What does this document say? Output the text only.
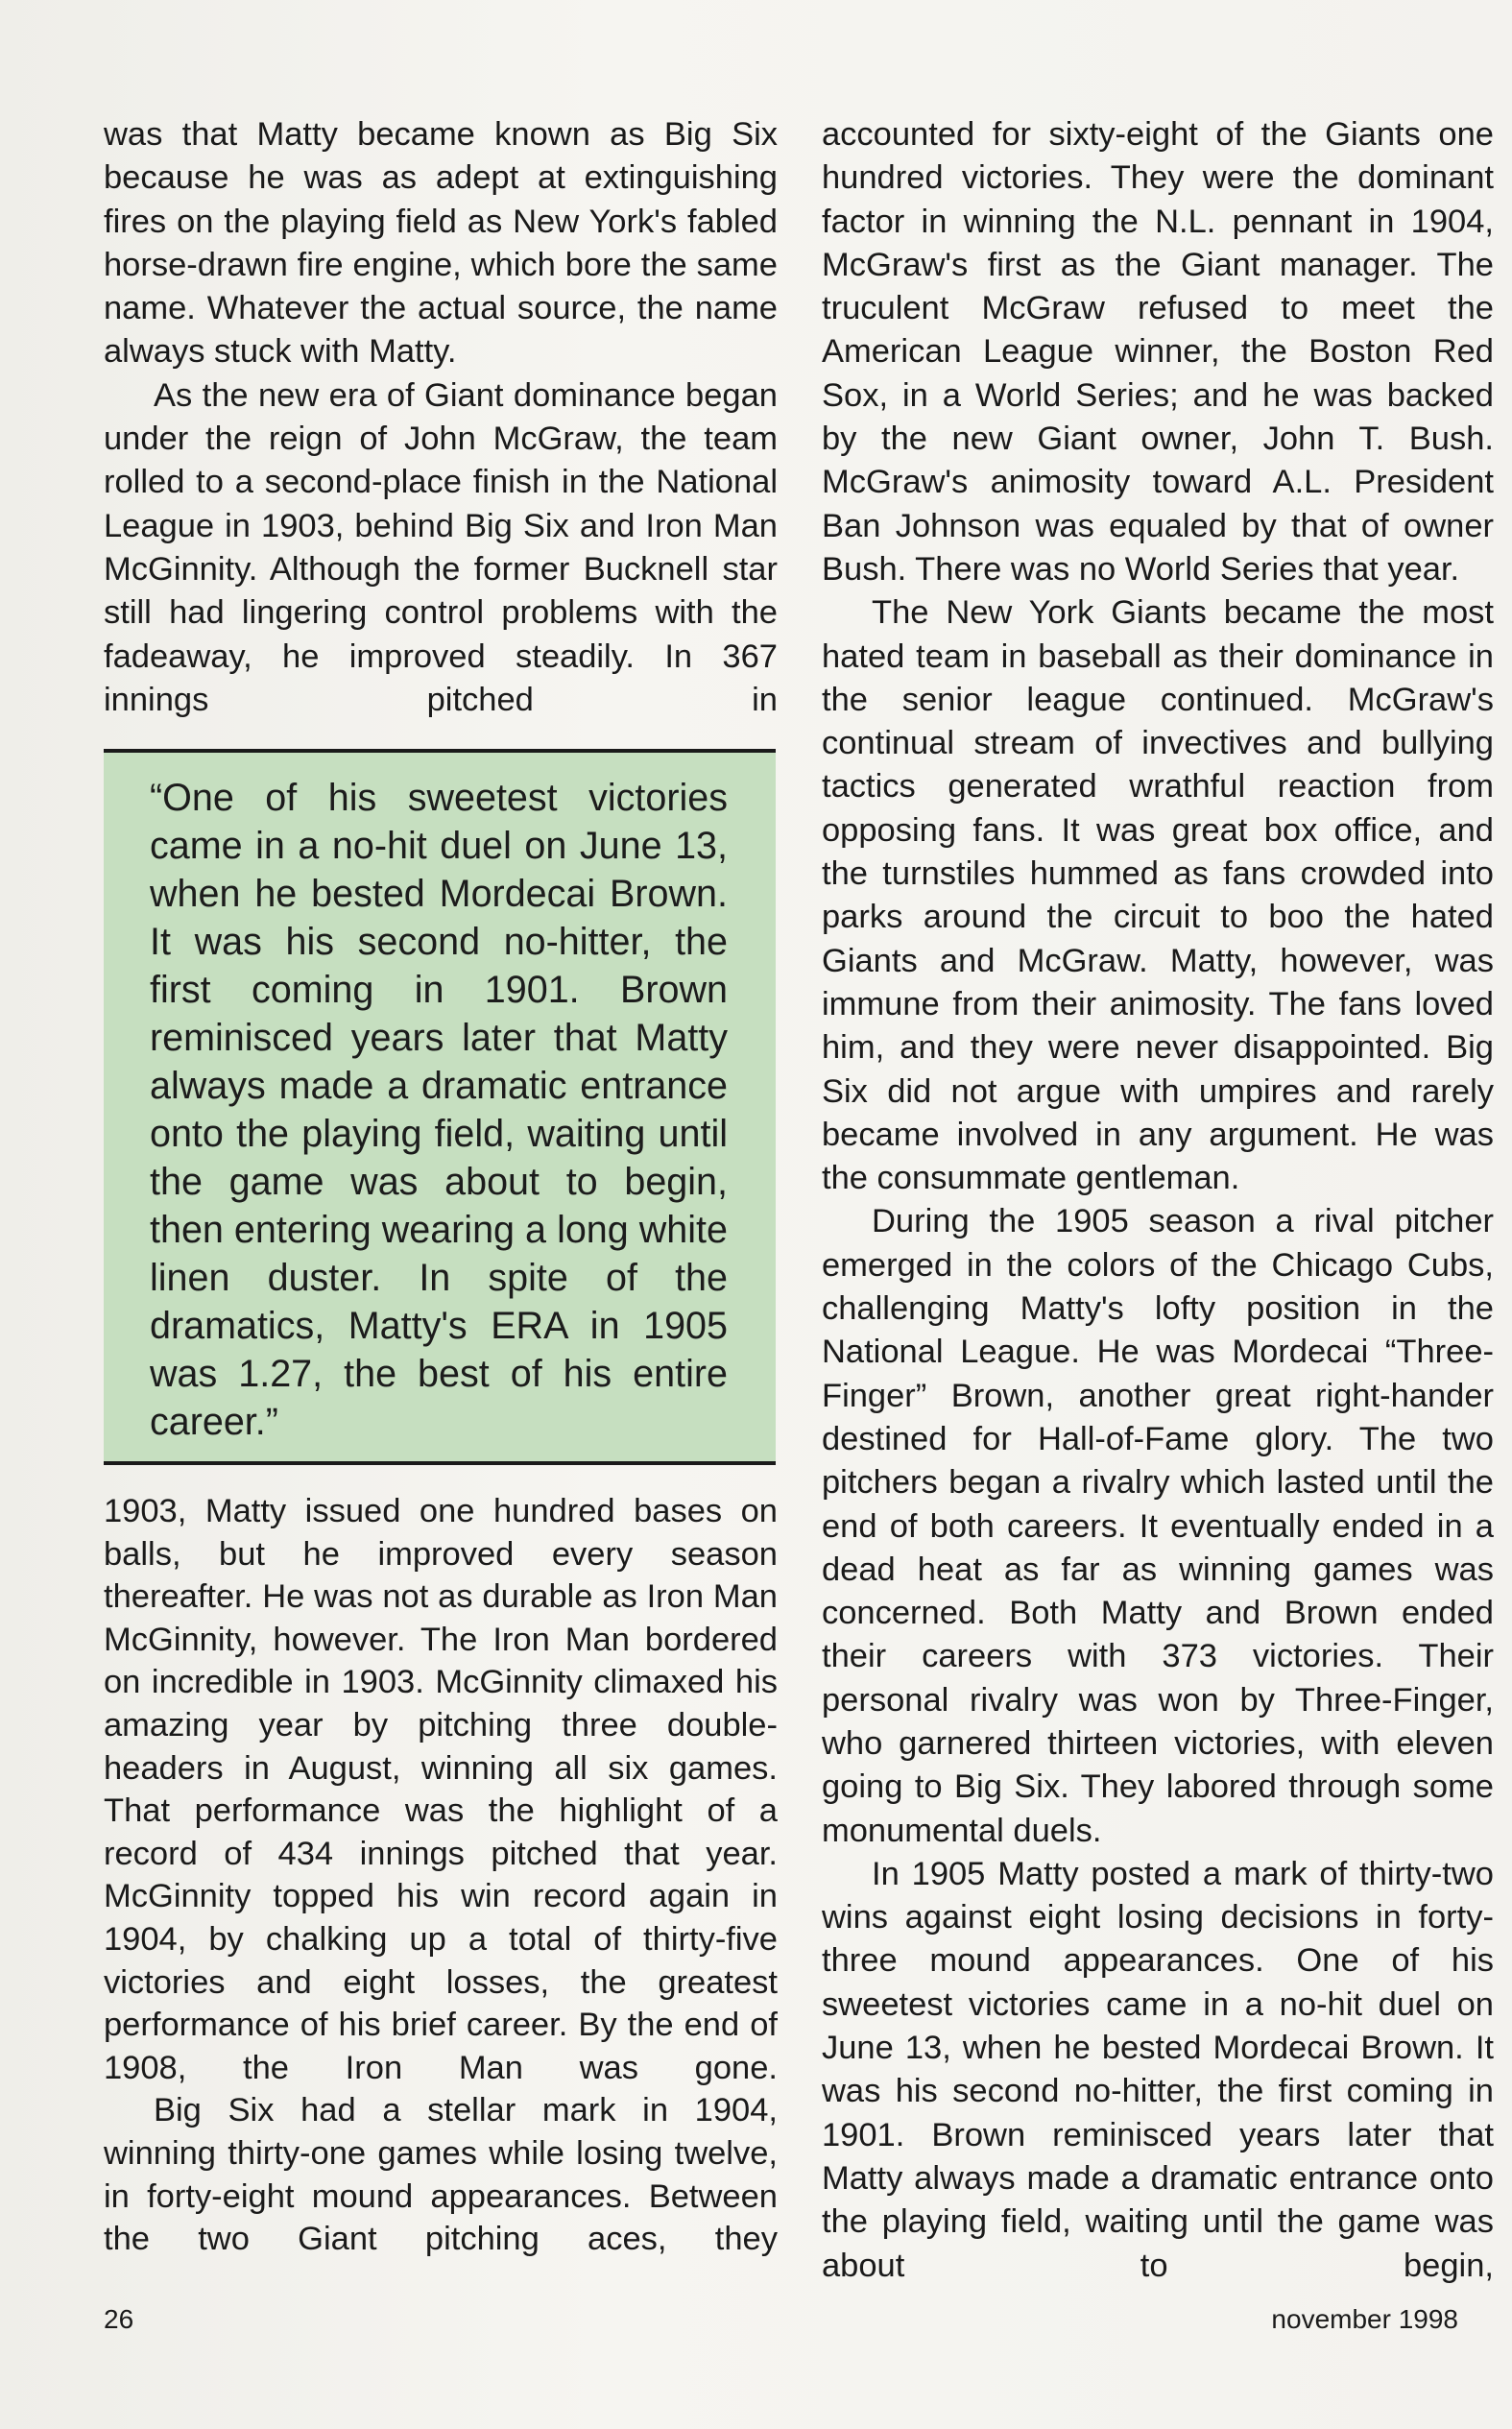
was that Matty became known as Big Six because he was as adept at extinguishing fires on the playing field as New York's fabled horse-drawn fire engine, which bore the same name. Whatever the actual source, the name always stuck with Matty.

As the new era of Giant dominance began under the reign of John McGraw, the team rolled to a second-place finish in the National League in 1903, behind Big Six and Iron Man McGinnity. Although the former Bucknell star still had lingering control problems with the fadeaway, he improved steadily. In 367 innings pitched in

“One of his sweetest victories came in a no-hit duel on June 13, when he bested Mordecai Brown. It was his second no-hitter, the first coming in 1901. Brown reminisced years later that Matty always made a dramatic entrance onto the playing field, waiting until the game was about to begin, then entering wearing a long white linen duster. In spite of the dramatics, Matty's ERA in 1905 was 1.27, the best of his entire career.”

1903, Matty issued one hundred bases on balls, but he improved every season thereafter. He was not as durable as Iron Man McGinnity, however. The Iron Man bordered on incredible in 1903. McGinnity climaxed his amazing year by pitching three double-headers in August, winning all six games. That performance was the highlight of a record of 434 innings pitched that year. McGinnity topped his win record again in 1904, by chalking up a total of thirty-five victories and eight losses, the greatest performance of his brief career. By the end of 1908, the Iron Man was gone.

Big Six had a stellar mark in 1904, winning thirty-one games while losing twelve, in forty-eight mound appearances. Between the two Giant pitching aces, they

accounted for sixty-eight of the Giants one hundred victories. They were the dominant factor in winning the N.L. pennant in 1904, McGraw's first as the Giant manager. The truculent McGraw refused to meet the American League winner, the Boston Red Sox, in a World Series; and he was backed by the new Giant owner, John T. Bush. McGraw's animosity toward A.L. President Ban Johnson was equaled by that of owner Bush. There was no World Series that year.

The New York Giants became the most hated team in baseball as their dominance in the senior league continued. McGraw's continual stream of invectives and bullying tactics generated wrathful reaction from opposing fans. It was great box office, and the turnstiles hummed as fans crowded into parks around the circuit to boo the hated Giants and McGraw. Matty, however, was immune from their animosity. The fans loved him, and they were never disappointed. Big Six did not argue with umpires and rarely became involved in any argument. He was the consummate gentleman.

During the 1905 season a rival pitcher emerged in the colors of the Chicago Cubs, challenging Matty's lofty position in the National League. He was Mordecai “Three-Finger” Brown, another great right-hander destined for Hall-of-Fame glory. The two pitchers began a rivalry which lasted until the end of both careers. It eventually ended in a dead heat as far as winning games was concerned. Both Matty and Brown ended their careers with 373 victories. Their personal rivalry was won by Three-Finger, who garnered thirteen victories, with eleven going to Big Six. They labored through some monumental duels.

In 1905 Matty posted a mark of thirty-two wins against eight losing decisions in forty-three mound appearances. One of his sweetest victories came in a no-hit duel on June 13, when he bested Mordecai Brown. It was his second no-hitter, the first coming in 1901. Brown reminisced years later that Matty always made a dramatic entrance onto the playing field, waiting until the game was about to begin,

26	november 1998
